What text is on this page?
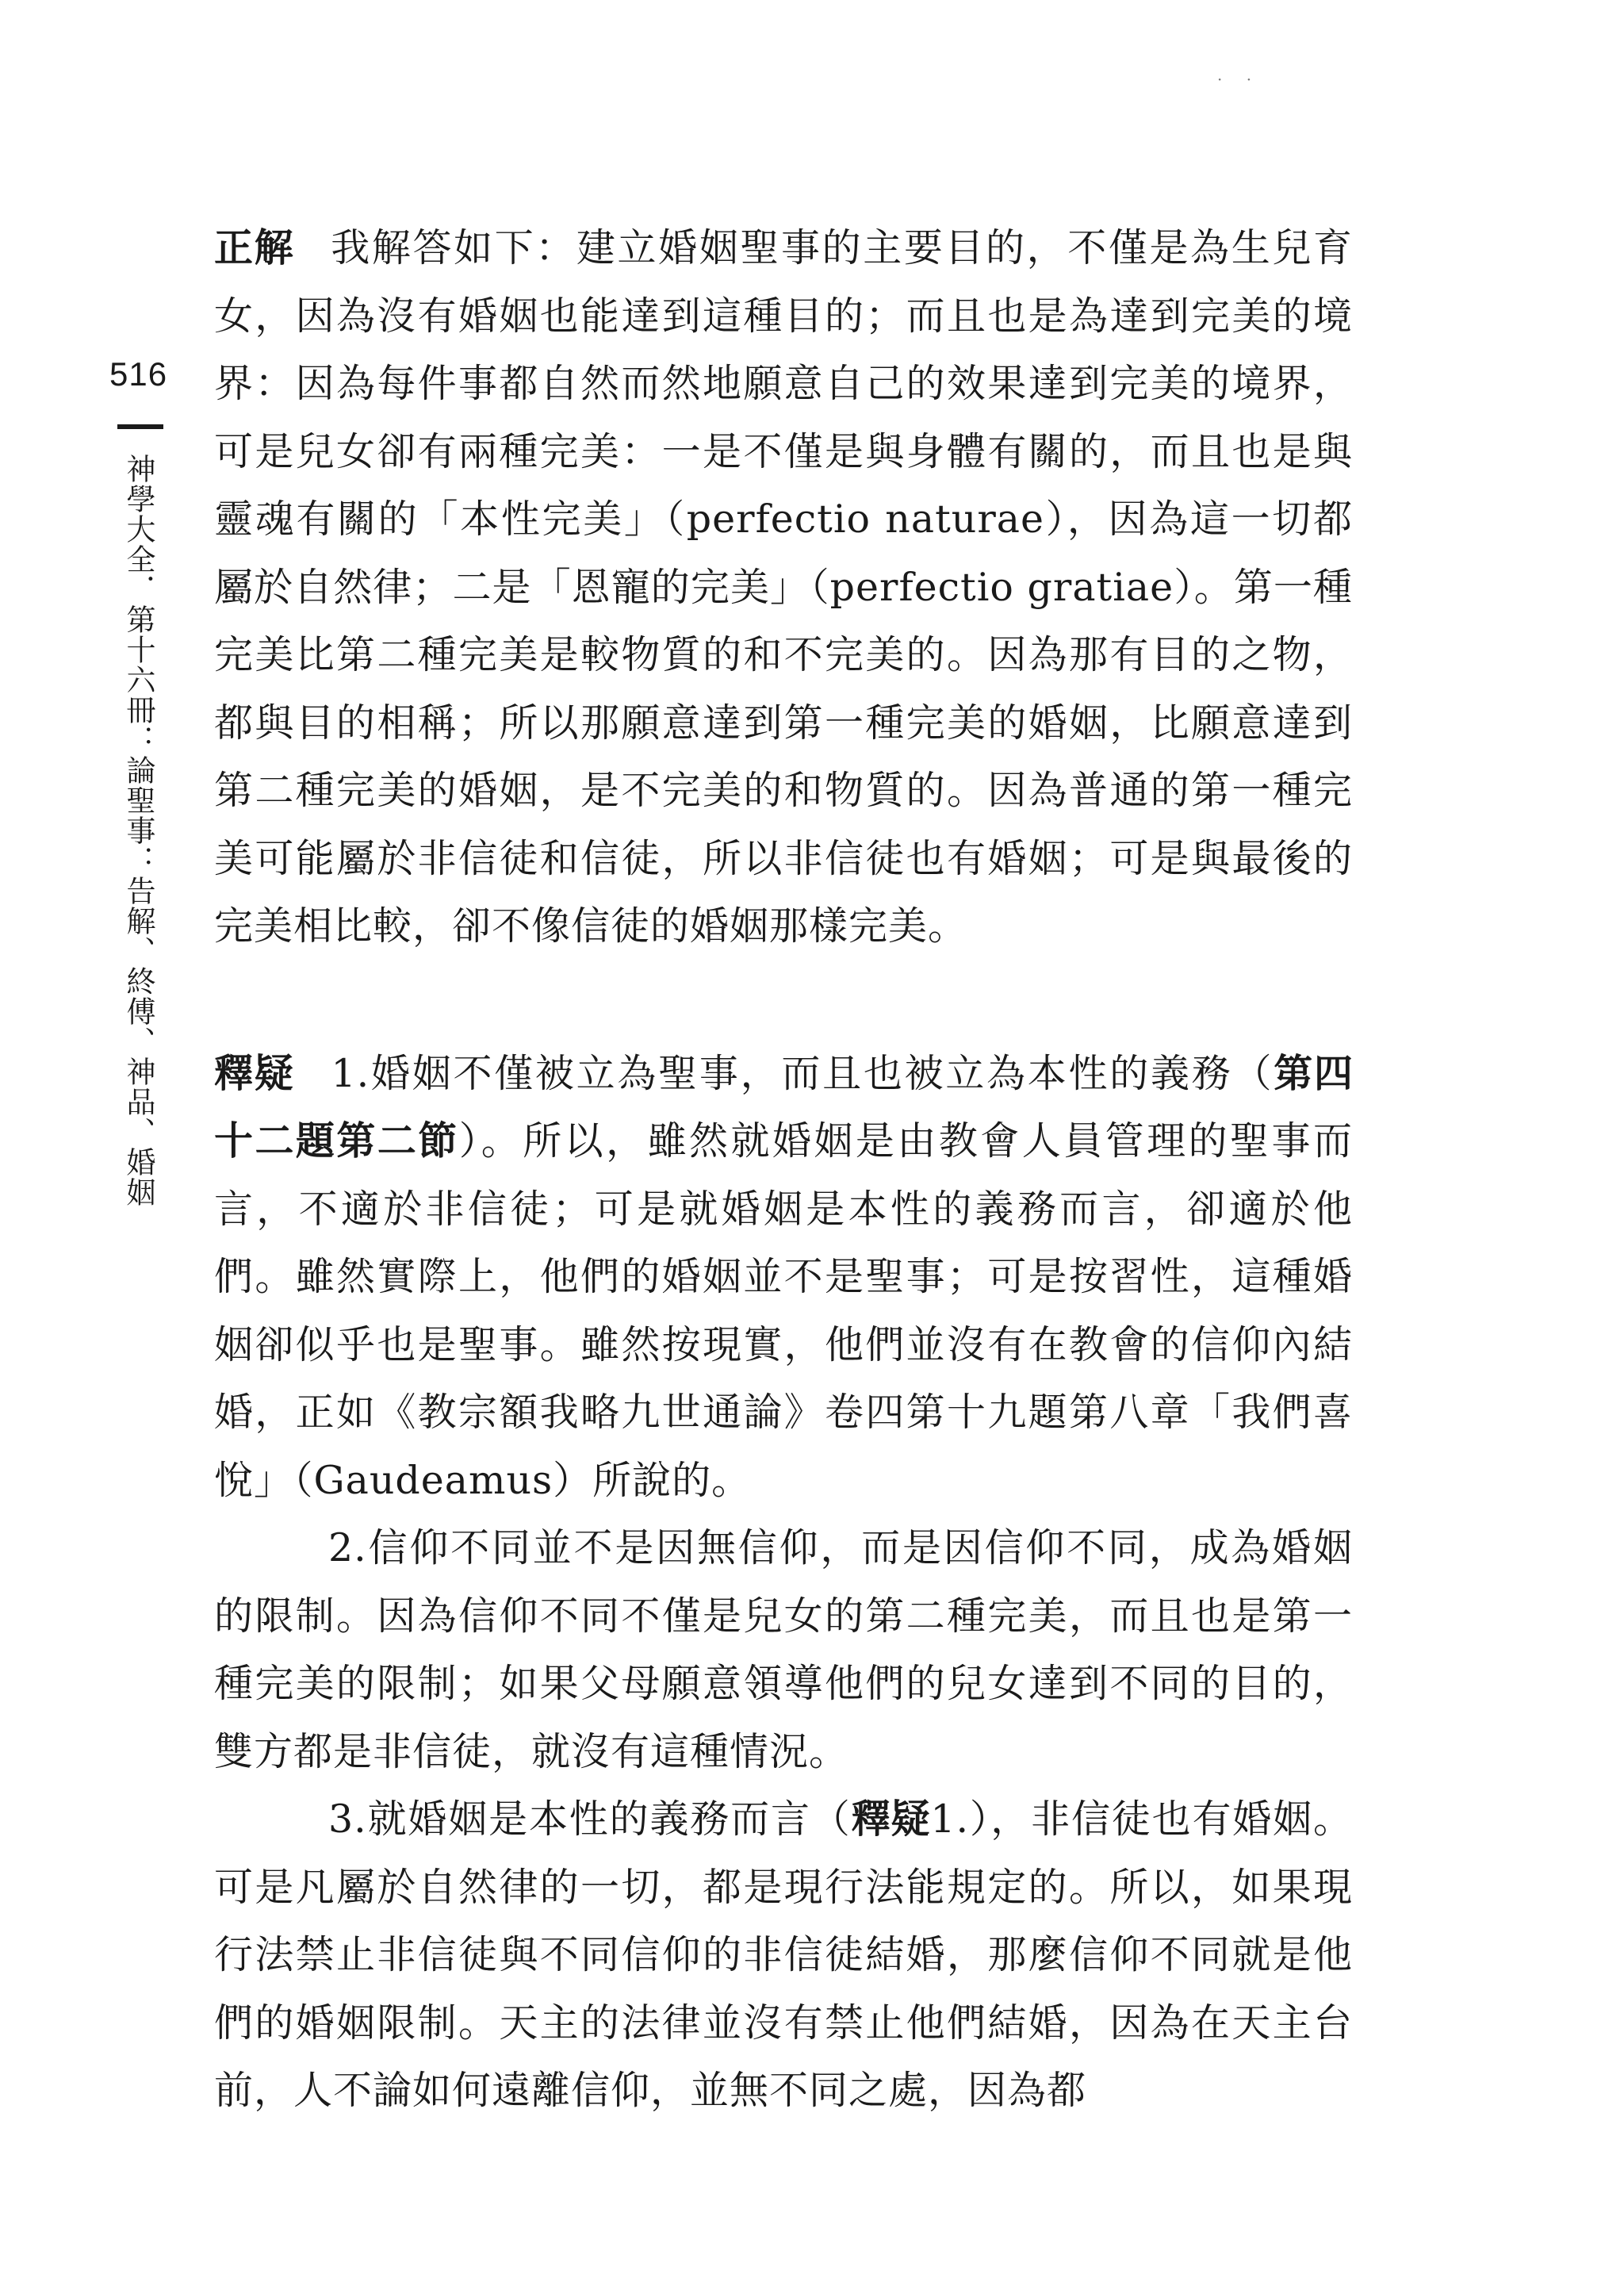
· ·
516
神學大全．第十六冊：論聖事：告解、終傅、神品、婚姻

正解 我解答如下：建立婚姻聖事的主要目的，不僅是為生兒育女，因為沒有婚姻也能達到這種目的；而且也是為達到完美的境界：因為每件事都自然而然地願意自己的效果達到完美的境界，可是兒女卻有兩種完美：一是不僅是與身體有關的，而且也是與靈魂有關的「本性完美」（perfectio naturae），因為這一切都屬於自然律；二是「恩寵的完美」（perfectio gratiae）。第一種完美比第二種完美是較物質的和不完美的。因為那有目的之物，都與目的相稱；所以那願意達到第一種完美的婚姻，比願意達到第二種完美的婚姻，是不完美的和物質的。因為普通的第一種完美可能屬於非信徒和信徒，所以非信徒也有婚姻；可是與最後的完美相比較，卻不像信徒的婚姻那樣完美。

釋疑 1.婚姻不僅被立為聖事，而且也被立為本性的義務（第四十二題第二節）。所以，雖然就婚姻是由教會人員管理的聖事而言，不適於非信徒；可是就婚姻是本性的義務而言，卻適於他們。雖然實際上，他們的婚姻並不是聖事；可是按習性，這種婚姻卻似乎也是聖事。雖然按現實，他們並沒有在教會的信仰內結婚，正如《教宗額我略九世通論》卷四第十九題第八章「我們喜悅」（Gaudeamus）所說的。

2.信仰不同並不是因無信仰，而是因信仰不同，成為婚姻的限制。因為信仰不同不僅是兒女的第二種完美，而且也是第一種完美的限制；如果父母願意領導他們的兒女達到不同的目的，雙方都是非信徒，就沒有這種情況。

3.就婚姻是本性的義務而言（釋疑1.），非信徒也有婚姻。可是凡屬於自然律的一切，都是現行法能規定的。所以，如果現行法禁止非信徒與不同信仰的非信徒結婚，那麼信仰不同就是他們的婚姻限制。天主的法律並沒有禁止他們結婚，因為在天主台前，人不論如何遠離信仰，並無不同之處，因為都
